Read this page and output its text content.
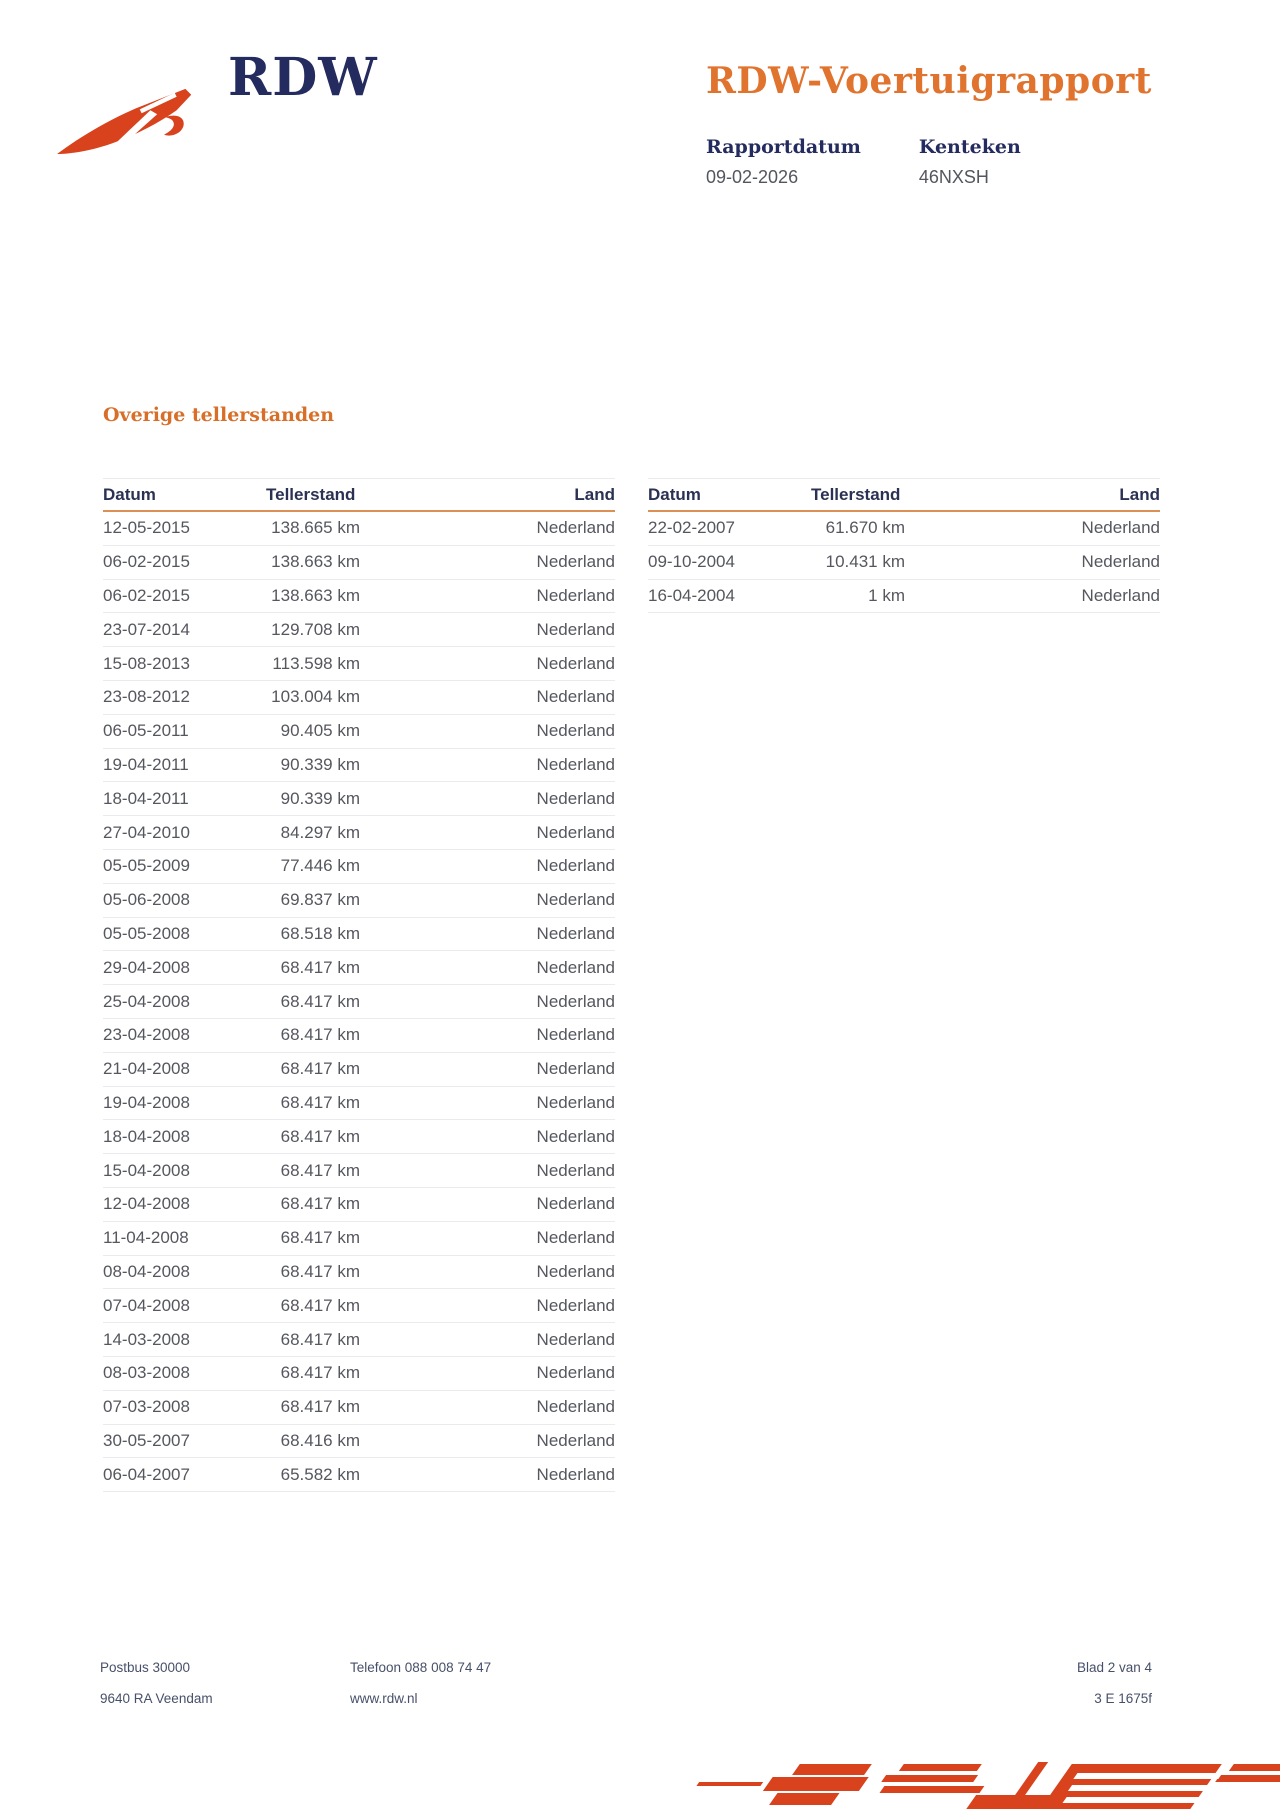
RDW	RDW-Voertuigrapport
Rapportdatum
09-02-2026
Kenteken
46NXSH
Overige tellerstanden
Datum	Tellerstand	Land
12-05-2015	138.665 km	Nederland
06-02-2015	138.663 km	Nederland
06-02-2015	138.663 km	Nederland
23-07-2014	129.708 km	Nederland
15-08-2013	113.598 km	Nederland
23-08-2012	103.004 km	Nederland
06-05-2011	90.405 km	Nederland
19-04-2011	90.339 km	Nederland
18-04-2011	90.339 km	Nederland
27-04-2010	84.297 km	Nederland
05-05-2009	77.446 km	Nederland
05-06-2008	69.837 km	Nederland
05-05-2008	68.518 km	Nederland
29-04-2008	68.417 km	Nederland
25-04-2008	68.417 km	Nederland
23-04-2008	68.417 km	Nederland
21-04-2008	68.417 km	Nederland
19-04-2008	68.417 km	Nederland
18-04-2008	68.417 km	Nederland
15-04-2008	68.417 km	Nederland
12-04-2008	68.417 km	Nederland
11-04-2008	68.417 km	Nederland
08-04-2008	68.417 km	Nederland
07-04-2008	68.417 km	Nederland
14-03-2008	68.417 km	Nederland
08-03-2008	68.417 km	Nederland
07-03-2008	68.417 km	Nederland
30-05-2007	68.416 km	Nederland
06-04-2007	65.582 km	Nederland
Datum	Tellerstand	Land
22-02-2007	61.670 km	Nederland
09-10-2004	10.431 km	Nederland
16-04-2004	1 km	Nederland
Postbus 30000
9640 RA Veendam
Telefoon 088 008 74 47
www.rdw.nl
Blad 2 van 4
3 E 1675f
